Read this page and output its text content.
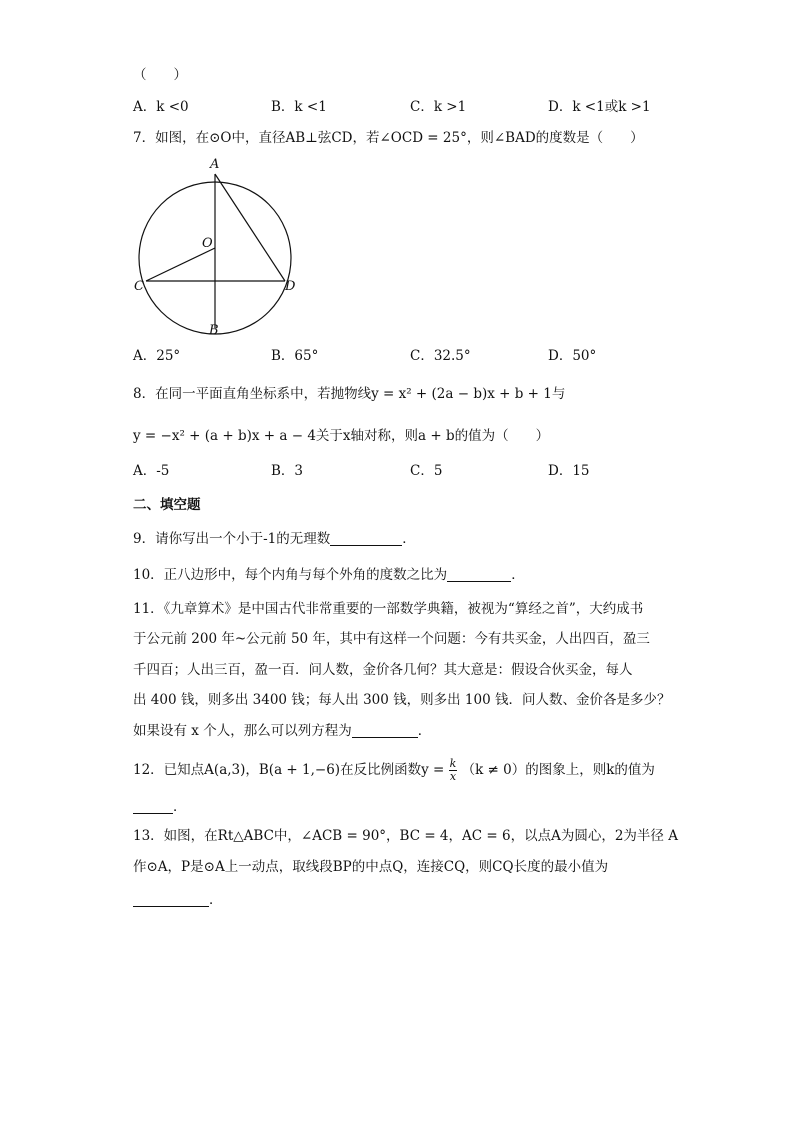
（　　）
A．k <0	B．k <1	C．k >1	D．k <1或k >1
7．如图，在⊙O中，直径AB⊥弦CD，若∠OCD = 25°，则∠BAD的度数是（　　）
A
O
C	D
B
A．25°	B．65°	C．32.5°	D．50°
8．在同一平面直角坐标系中，若抛物线y = x² + (2a − b)x + b + 1与
y = −x² + (a + b)x + a − 4关于x轴对称，则a + b的值为（　　）
A．-5	B．3	C．5	D．15
二、填空题
9．请你写出一个小于-1的无理数	．
10．正八边形中，每个内角与每个外角的度数之比为	．
11．《九章算术》是中国古代非常重要的一部数学典籍，被视为“算经之首”，大约成书
于公元前 200 年~公元前 50 年，其中有这样一个问题：今有共买金，人出四百，盈三
千四百；人出三百，盈一百．问人数，金价各几何？其大意是：假设合伙买金，每人
出 400 钱，则多出 3400 钱；每人出 300 钱，则多出 100 钱．问人数、金价各是多少？
如果设有 x 个人，那么可以列方程为	．
12．已知点A(a,3)，B(a + 1,−6)在反比例函数$y = \frac{k}{x} (k \ne 0)$的图象上，则k的值为
．
13．如图，在Rt△ABC中，∠ACB = 90°，BC = 4，AC = 6，以点A为圆心，2为半径 A
作⊙A，P是⊙A上一动点，取线段BP的中点Q，连接CQ，则CQ长度的最小值为
．
